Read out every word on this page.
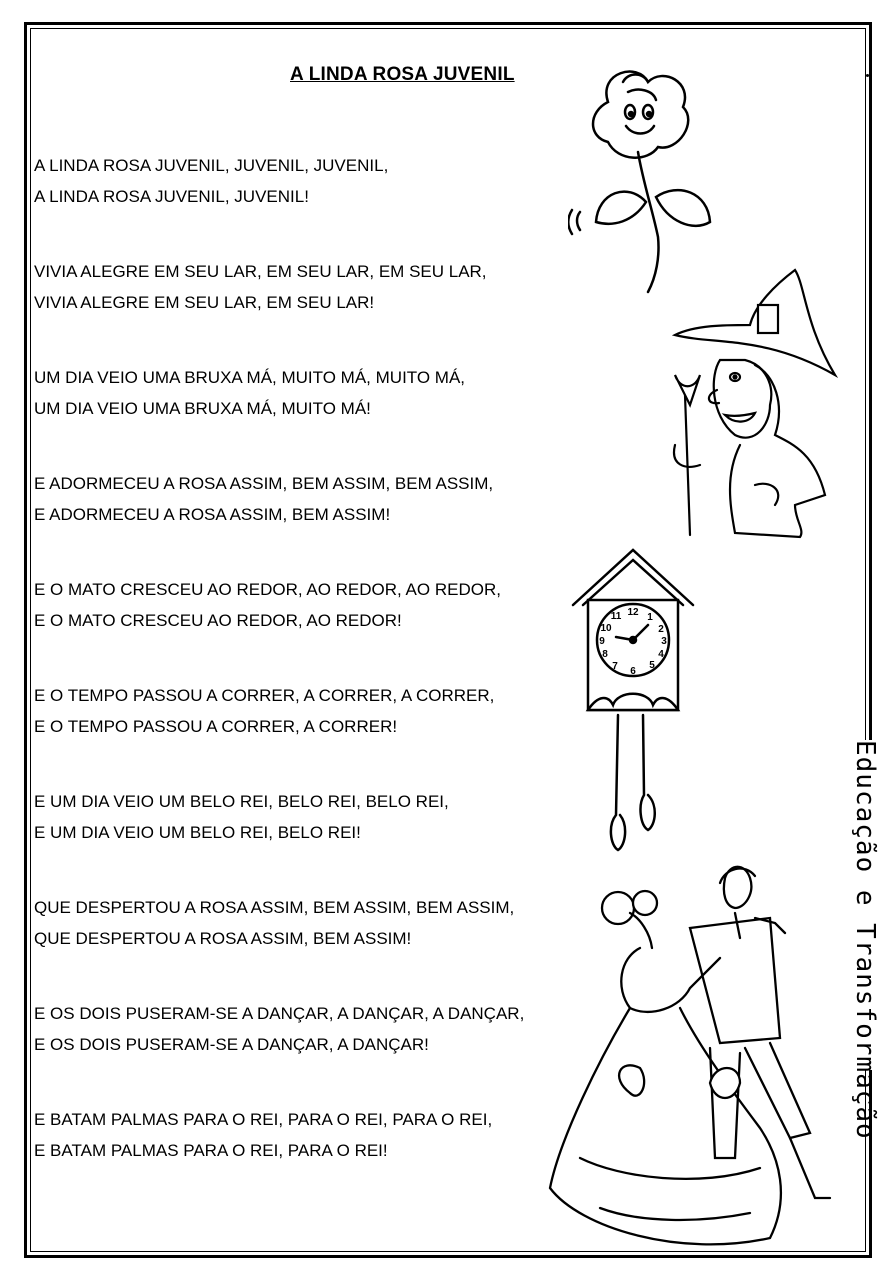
A LINDA ROSA JUVENIL

A LINDA ROSA JUVENIL, JUVENIL, JUVENIL,

A LINDA ROSA JUVENIL, JUVENIL!

VIVIA ALEGRE EM SEU LAR, EM SEU LAR, EM SEU LAR,

VIVIA ALEGRE EM SEU LAR, EM SEU LAR!

UM DIA VEIO UMA BRUXA MÁ, MUITO MÁ, MUITO MÁ,

UM DIA VEIO UMA BRUXA MÁ, MUITO MÁ!

E ADORMECEU A ROSA ASSIM, BEM ASSIM, BEM ASSIM,

E ADORMECEU A ROSA ASSIM, BEM ASSIM!

E O MATO CRESCEU AO REDOR, AO REDOR, AO REDOR,

E O MATO CRESCEU AO REDOR, AO REDOR!

E O TEMPO PASSOU A CORRER, A CORRER, A CORRER,

E O TEMPO PASSOU A CORRER, A CORRER!

E UM DIA VEIO UM BELO REI, BELO REI, BELO REI,

E UM DIA VEIO UM BELO REI, BELO REI!

QUE DESPERTOU A ROSA ASSIM, BEM ASSIM, BEM ASSIM,

QUE DESPERTOU A ROSA ASSIM, BEM ASSIM!

E OS DOIS PUSERAM-SE A DANÇAR, A DANÇAR, A DANÇAR,

E OS DOIS PUSERAM-SE A DANÇAR, A DANÇAR!

E BATAM PALMAS PARA O REI, PARA O REI, PARA O REI,

E BATAM PALMAS PARA O REI, PARA O REI!

Educação e Transformação
12 1
2
3
4
5
6
7
8
9
10
11
